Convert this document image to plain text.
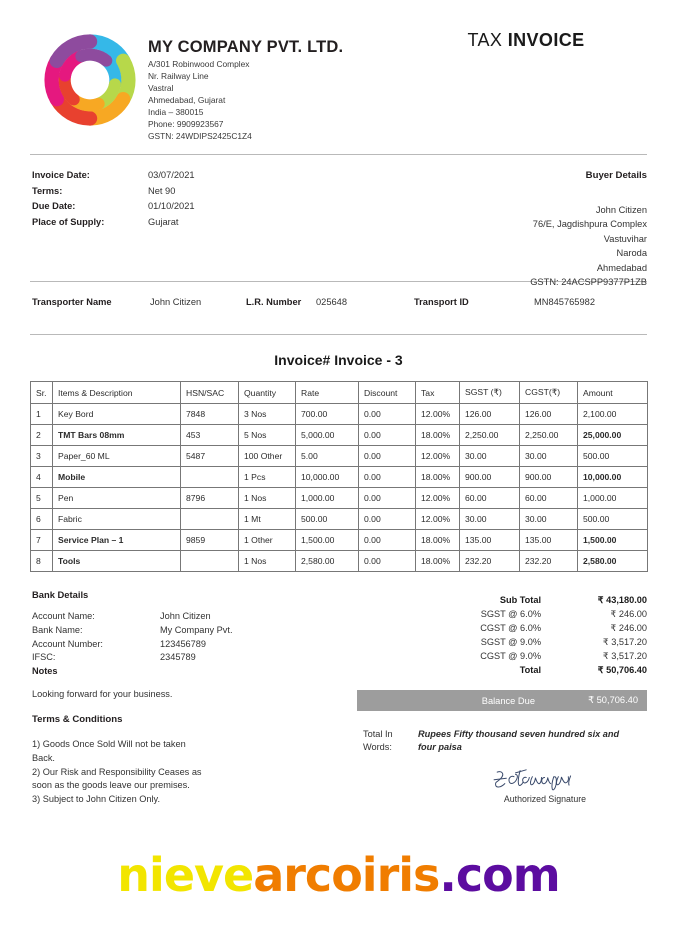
MY COMPANY PVT. LTD.
A/301 Robinwood Complex
Nr. Railway Line
Vastral
Ahmedabad, Gujarat
India – 380015
Phone: 9909923567
GSTN: 24WDIPS2425C1Z4
TAX INVOICE
Invoice Date:	03/07/2021
Terms:	Net 90
Due Date:	01/10/2021
Place of Supply:	Gujarat
Buyer Details
John Citizen
76/E, Jagdishpura Complex
Vastuvihar
Naroda
Ahmedabad
GSTN: 24ACSPP9377P1ZB
Transporter Name	John Citizen	L.R. Number	025648	Transport ID	MN845765982
Invoice# Invoice - 3
Sr.	Items & Description	HSN/SAC	Quantity	Rate	Discount	Tax	SGST (₹)	CGST(₹)	Amount
1	Key Bord	7848	3 Nos	700.00	0.00	12.00%	126.00	126.00	2,100.00
2	TMT Bars 08mm	453	5 Nos	5,000.00	0.00	18.00%	2,250.00	2,250.00	25,000.00
3	Paper_60 ML	5487	100 Other	5.00	0.00	12.00%	30.00	30.00	500.00
4	Mobile		1 Pcs	10,000.00	0.00	18.00%	900.00	900.00	10,000.00
5	Pen	8796	1 Nos	1,000.00	0.00	12.00%	60.00	60.00	1,000.00
6	Fabric		1 Mt	500.00	0.00	12.00%	30.00	30.00	500.00
7	Service Plan – 1	9859	1 Other	1,500.00	0.00	18.00%	135.00	135.00	1,500.00
8	Tools		1 Nos	2,580.00	0.00	18.00%	232.20	232.20	2,580.00
Bank Details
Account Name:	John Citizen
Bank Name:	My Company Pvt.
Account Number:	123456789
IFSC:	2345789
Notes
Looking forward for your business.
Terms & Conditions
1) Goods Once Sold Will not be taken
Back.
2) Our Risk and Responsibility Ceases as
soon as the goods leave our premises.
3) Subject to John Citizen Only.
Sub Total	₹ 43,180.00
SGST @ 6.0%	₹ 246.00
CGST @ 6.0%	₹ 246.00
SGST @ 9.0%	₹ 3,517.20
CGST @ 9.0%	₹ 3,517.20
Total	₹ 50,706.40
Balance Due	₹ 50,706.40
Total In Words:
Rupees Fifty thousand seven hundred six and four paisa
Authorized Signature
nievearcoiris.com
